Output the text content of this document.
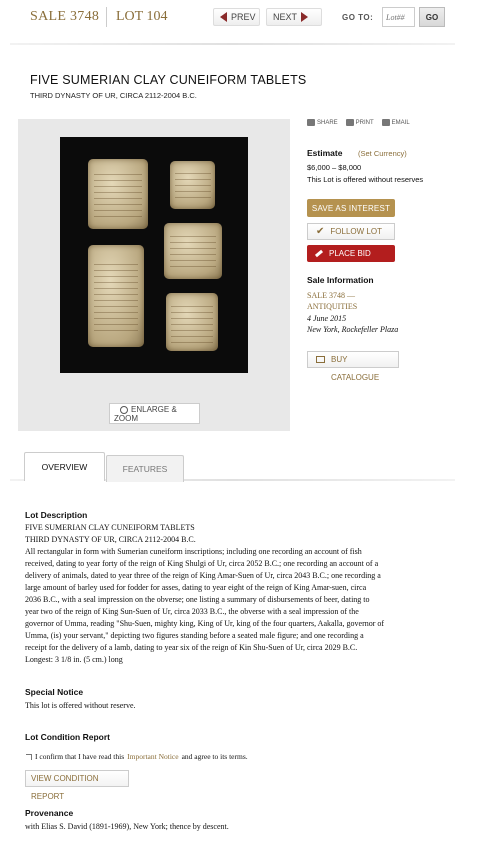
SALE 3748 LOT 104	PREV NEXT	GO TO:
Lot##	GO
FIVE SUMERIAN CLAY CUNEIFORM TABLETS
THIRD DYNASTY OF UR, CIRCA 2112-2004 B.C.
ENLARGE & ZOOM
SHARE	PRINT	EMAIL
Estimate (Set Currency)
$6,000 – $8,000
This Lot is offered without reserves
SAVE AS INTEREST
✔ FOLLOW LOT
PLACE BID
Sale Information
SALE 3748 —
ANTIQUITIES
4 June 2015
New York, Rockefeller Plaza
BUY
CATALOGUE
FEATURES
OVERVIEW
Lot Description
FIVE SUMERIAN CLAY CUNEIFORM TABLETS
THIRD DYNASTY OF UR, CIRCA 2112-2004 B.C.
All rectangular in form with Sumerian cuneiform inscriptions; including one recording an account of fish
received, dating to year forty of the reign of King Shulgi of Ur, circa 2052 B.C.; one recording an account of a
delivery of animals, dated to year three of the reign of King Amar-Suen of Ur, circa 2043 B.C.; one recording a
large amount of barley used for fodder for asses, dating to year eight of the reign of King Amar-suen, circa
2036 B.C., with a seal impression on the obverse; one listing a summary of disbursements of beer, dating to
year two of the reign of King Sun-Suen of Ur, circa 2033 B.C., the obverse with a seal impression of the
governor of Umma, reading "Shu-Suen, mighty king, King of Ur, king of the four quarters, Aakalla, governor of
Umma, (is) your servant," depicting two figures standing before a seated male figure; and one recording a
receipt for the delivery of a lamb, dating to year six of the reign of Kin Shu-Suen of Ur, circa 2029 B.C.
Longest: 3 1/8 in. (5 cm.) long
Special Notice
This lot is offered without reserve.
Lot Condition Report
I confirm that I have read this Important Notice and agree to its terms.
VIEW CONDITION
REPORT
Provenance
with Elias S. David (1891-1969), New York; thence by descent.
